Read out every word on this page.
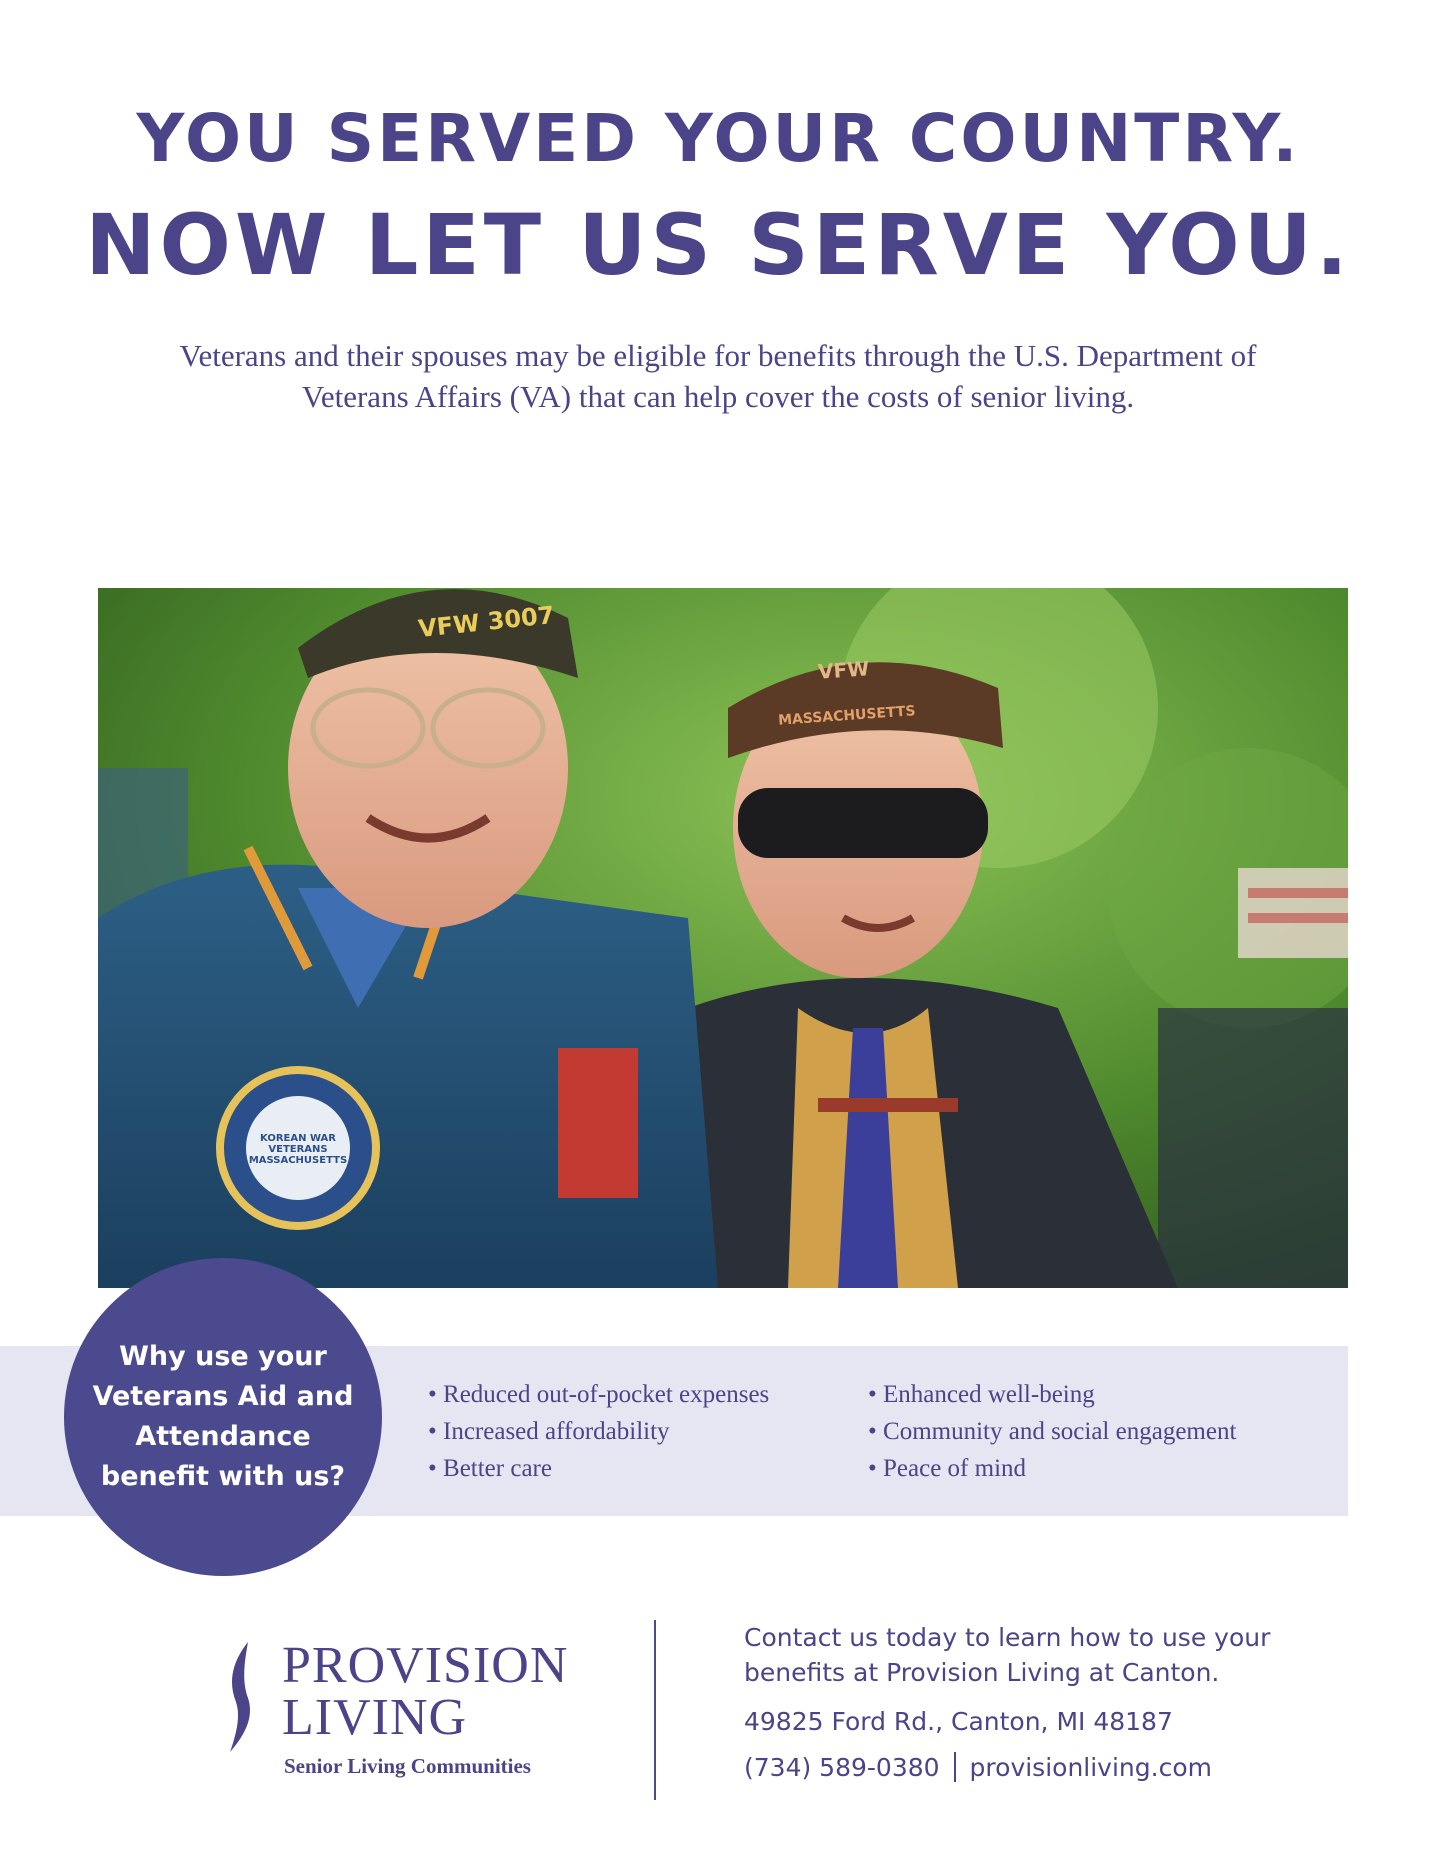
YOU SERVED YOUR COUNTRY.
NOW LET US SERVE YOU.
Veterans and their spouses may be eligible for benefits through the U.S. Department of Veterans Affairs (VA) that can help cover the costs of senior living.
VFW 3007
VFW
MASSACHUSETTS
KOREAN WAR VETERANS MASSACHUSETTS
Why use your Veterans Aid and Attendance benefit with us?
• Reduced out-of-pocket expenses
• Increased affordability
• Better care
• Enhanced well-being
• Community and social engagement
• Peace of mind
PROVISION
LIVING
Senior Living Communities
Contact us today to learn how to use your benefits at Provision Living at Canton.
49825 Ford Rd., Canton, MI 48187
(734) 589-0380 provisionliving.com
